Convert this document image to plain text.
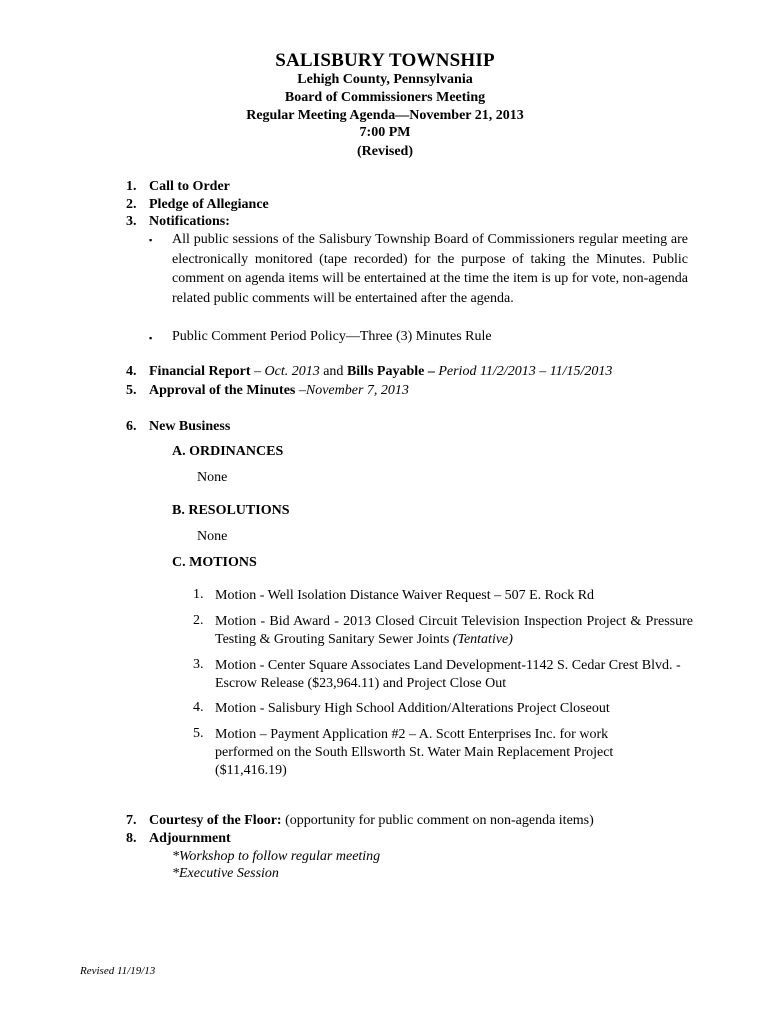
SALISBURY TOWNSHIP
Lehigh County, Pennsylvania
Board of Commissioners Meeting
Regular Meeting Agenda—November 21, 2013
7:00 PM
(Revised)
1. Call to Order
2. Pledge of Allegiance
3. Notifications:
▪ All public sessions of the Salisbury Township Board of Commissioners regular meeting are electronically monitored (tape recorded) for the purpose of taking the Minutes. Public comment on agenda items will be entertained at the time the item is up for vote, non-agenda related public comments will be entertained after the agenda.

▪ Public Comment Period Policy—Three (3) Minutes Rule
4. Financial Report – Oct. 2013 and Bills Payable – Period 11/2/2013 – 11/15/2013
5. Approval of the Minutes –November 7, 2013
6. New Business
A. ORDINANCES
None
B. RESOLUTIONS
None
C. MOTIONS
1. Motion - Well Isolation Distance Waiver Request – 507 E. Rock Rd

2. Motion - Bid Award - 2013 Closed Circuit Television Inspection Project & Pressure Testing & Grouting Sanitary Sewer Joints (Tentative)

3. Motion - Center Square Associates Land Development-1142 S. Cedar Crest Blvd. - Escrow Release ($23,964.11) and Project Close Out

4. Motion - Salisbury High School Addition/Alterations Project Closeout

5. Motion – Payment Application #2 – A. Scott Enterprises Inc. for work performed on the South Ellsworth St. Water Main Replacement Project ($11,416.19)

7. Courtesy of the Floor: (opportunity for public comment on non-agenda items)
8. Adjournment
*Workshop to follow regular meeting
*Executive Session
Revised 11/19/13
